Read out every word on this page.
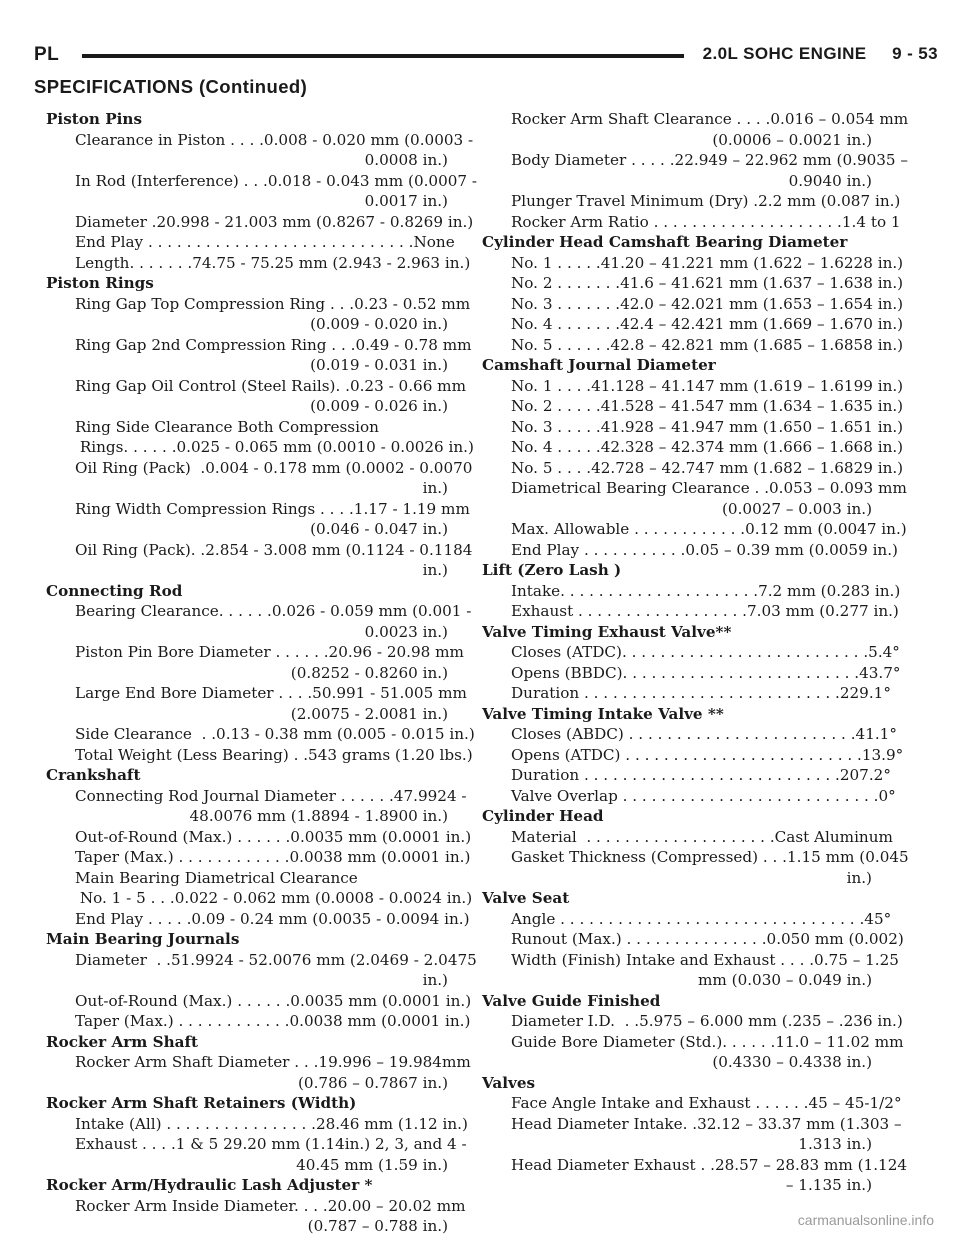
PL	2.0L SOHC ENGINE     9 - 53
SPECIFICATIONS (Continued)
Piston Pins
Clearance in Piston . . . .0.008 - 0.020 mm (0.0003 -
0.0008 in.)
In Rod (Interference) . . .0.018 - 0.043 mm (0.0007 -
0.0017 in.)
Diameter .20.998 - 21.003 mm (0.8267 - 0.8269 in.)
End Play . . . . . . . . . . . . . . . . . . . . . . . . . . . .None
Length. . . . . . .74.75 - 75.25 mm (2.943 - 2.963 in.)
Piston Rings
Ring Gap Top Compression Ring . . .0.23 - 0.52 mm
(0.009 - 0.020 in.)
Ring Gap 2nd Compression Ring . . .0.49 - 0.78 mm
(0.019 - 0.031 in.)
Ring Gap Oil Control (Steel Rails). .0.23 - 0.66 mm
(0.009 - 0.026 in.)
Ring Side Clearance Both Compression
Rings. . . . . .0.025 - 0.065 mm (0.0010 - 0.0026 in.)
Oil Ring (Pack)  .0.004 - 0.178 mm (0.0002 - 0.0070
in.)
Ring Width Compression Rings . . . .1.17 - 1.19 mm
(0.046 - 0.047 in.)
Oil Ring (Pack). .2.854 - 3.008 mm (0.1124 - 0.1184
in.)
Connecting Rod
Bearing Clearance. . . . . .0.026 - 0.059 mm (0.001 -
0.0023 in.)
Piston Pin Bore Diameter . . . . . .20.96 - 20.98 mm
(0.8252 - 0.8260 in.)
Large End Bore Diameter . . . .50.991 - 51.005 mm
(2.0075 - 2.0081 in.)
Side Clearance  . .0.13 - 0.38 mm (0.005 - 0.015 in.)
Total Weight (Less Bearing) . .543 grams (1.20 lbs.)
Crankshaft
Connecting Rod Journal Diameter . . . . . .47.9924 -
48.0076 mm (1.8894 - 1.8900 in.)
Out-of-Round (Max.) . . . . . .0.0035 mm (0.0001 in.)
Taper (Max.) . . . . . . . . . . . .0.0038 mm (0.0001 in.)
Main Bearing Diametrical Clearance
No. 1 - 5 . . .0.022 - 0.062 mm (0.0008 - 0.0024 in.)
End Play . . . . .0.09 - 0.24 mm (0.0035 - 0.0094 in.)
Main Bearing Journals
Diameter  . .51.9924 - 52.0076 mm (2.0469 - 2.0475
in.)
Out-of-Round (Max.) . . . . . .0.0035 mm (0.0001 in.)
Taper (Max.) . . . . . . . . . . . .0.0038 mm (0.0001 in.)
Rocker Arm Shaft
Rocker Arm Shaft Diameter . . .19.996 – 19.984mm
(0.786 – 0.7867 in.)
Rocker Arm Shaft Retainers (Width)
Intake (All) . . . . . . . . . . . . . . . .28.46 mm (1.12 in.)
Exhaust . . . .1 & 5 29.20 mm (1.14in.) 2, 3, and 4 -
40.45 mm (1.59 in.)
Rocker Arm/Hydraulic Lash Adjuster *
Rocker Arm Inside Diameter. . . .20.00 – 20.02 mm
(0.787 – 0.788 in.)
Rocker Arm Shaft Clearance . . . .0.016 – 0.054 mm
(0.0006 – 0.0021 in.)
Body Diameter . . . . .22.949 – 22.962 mm (0.9035 –
0.9040 in.)
Plunger Travel Minimum (Dry) .2.2 mm (0.087 in.)
Rocker Arm Ratio . . . . . . . . . . . . . . . . . . . .1.4 to 1
Cylinder Head Camshaft Bearing Diameter
No. 1 . . . . .41.20 – 41.221 mm (1.622 – 1.6228 in.)
No. 2 . . . . . . .41.6 – 41.621 mm (1.637 – 1.638 in.)
No. 3 . . . . . . .42.0 – 42.021 mm (1.653 – 1.654 in.)
No. 4 . . . . . . .42.4 – 42.421 mm (1.669 – 1.670 in.)
No. 5 . . . . . .42.8 – 42.821 mm (1.685 – 1.6858 in.)
Camshaft Journal Diameter
No. 1 . . . .41.128 – 41.147 mm (1.619 – 1.6199 in.)
No. 2 . . . . .41.528 – 41.547 mm (1.634 – 1.635 in.)
No. 3 . . . . .41.928 – 41.947 mm (1.650 – 1.651 in.)
No. 4 . . . . .42.328 – 42.374 mm (1.666 – 1.668 in.)
No. 5 . . . .42.728 – 42.747 mm (1.682 – 1.6829 in.)
Diametrical Bearing Clearance . .0.053 – 0.093 mm
(0.0027 – 0.003 in.)
Max. Allowable . . . . . . . . . . . .0.12 mm (0.0047 in.)
End Play . . . . . . . . . . .0.05 – 0.39 mm (0.0059 in.)
Lift (Zero Lash )
Intake. . . . . . . . . . . . . . . . . . . . .7.2 mm (0.283 in.)
Exhaust . . . . . . . . . . . . . . . . . .7.03 mm (0.277 in.)
Valve Timing Exhaust Valve**
Closes (ATDC). . . . . . . . . . . . . . . . . . . . . . . . . .5.4°
Opens (BBDC). . . . . . . . . . . . . . . . . . . . . . . . .43.7°
Duration . . . . . . . . . . . . . . . . . . . . . . . . . . .229.1°
Valve Timing Intake Valve **
Closes (ABDC) . . . . . . . . . . . . . . . . . . . . . . . .41.1°
Opens (ATDC) . . . . . . . . . . . . . . . . . . . . . . . . .13.9°
Duration . . . . . . . . . . . . . . . . . . . . . . . . . . .207.2°
Valve Overlap . . . . . . . . . . . . . . . . . . . . . . . . . . .0°
Cylinder Head
Material  . . . . . . . . . . . . . . . . . . . .Cast Aluminum
Gasket Thickness (Compressed) . . .1.15 mm (0.045
in.)
Valve Seat
Angle . . . . . . . . . . . . . . . . . . . . . . . . . . . . . . . .45°
Runout (Max.) . . . . . . . . . . . . . . .0.050 mm (0.002)
Width (Finish) Intake and Exhaust . . . .0.75 – 1.25
mm (0.030 – 0.049 in.)
Valve Guide Finished
Diameter I.D.  . .5.975 – 6.000 mm (.235 – .236 in.)
Guide Bore Diameter (Std.). . . . . .11.0 – 11.02 mm
(0.4330 – 0.4338 in.)
Valves
Face Angle Intake and Exhaust . . . . . .45 – 45-1/2°
Head Diameter Intake. .32.12 – 33.37 mm (1.303 –
1.313 in.)
Head Diameter Exhaust . .28.57 – 28.83 mm (1.124
– 1.135 in.)
carmanualsonline.info
